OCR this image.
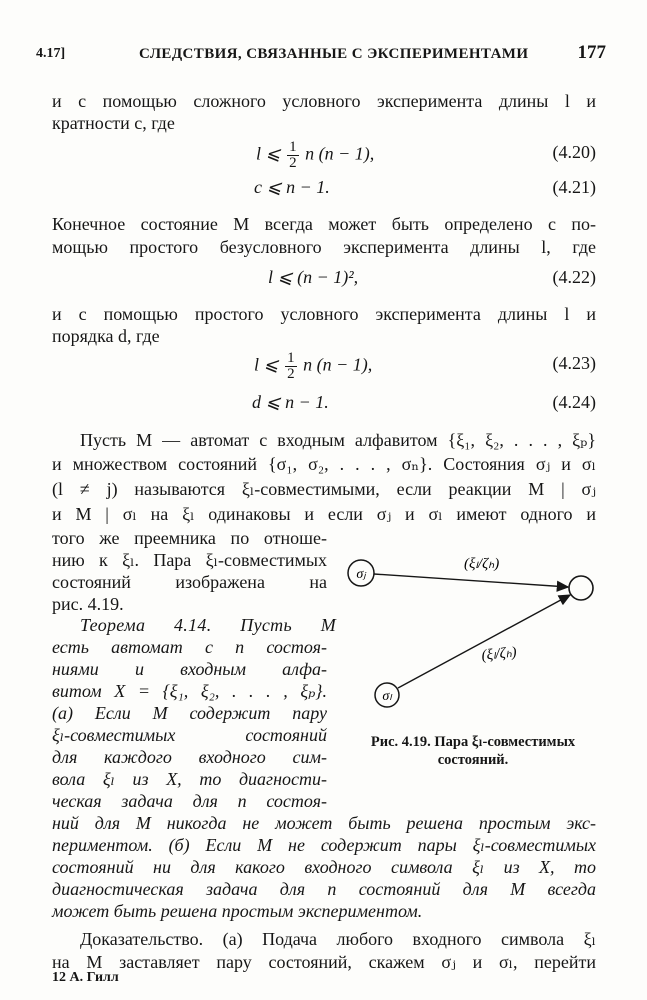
4.17]	СЛЕДСТВИЯ, СВЯЗАННЫЕ С ЭКСПЕРИМЕНТАМИ	177
и с помощью сложного условного эксперимента длины l и
кратности c, где
l ⩽ $\frac{1}{2}$ n (n − 1),	(4.20)
c ⩽ n − 1.	(4.21)
Конечное состояние M всегда может быть определено с по-
мощью простого безусловного эксперимента длины l, где
l ⩽ (n − 1)²,	(4.22)
и с помощью простого условного эксперимента длины l и
порядка d, где
l ⩽ $\frac{1}{2}$ n (n − 1),	(4.23)
d ⩽ n − 1.	(4.24)
Пусть M — автомат с входным алфавитом {ξ₁, ξ₂, . . . , ξₚ}
и множеством состояний {σ₁, σ₂, . . . , σₙ}. Состояния σⱼ и σₗ
(l ≠ j) называются ξₗ-совместимыми, если реакции M | σⱼ
и M | σₗ на ξₗ одинаковы и если σⱼ и σₗ имеют одного и
того же преемника по отноше-
нию к ξₗ. Пара ξₗ-совместимых
состояний изображена на
рис. 4.19.
Теорема 4.14. Пусть M
есть автомат с n состоя-
ниями и входным алфа-
витом X = {ξ₁, ξ₂, . . . , ξₚ}.
(а) Если M содержит пару
ξₗ-совместимых состояний
для каждого входного сим-
вола ξₗ из X, то диагности-
ческая задача для n состоя-
σⱼ
σₗ
(ξₗ/ζₕ)
(ξₗ/ζₕ)
Рис. 4.19. Пара ξₗ-совместимых
состояний.
ний для M никогда не может быть решена простым экс-
периментом. (б) Если M не содержит пары ξₗ-совместимых
состояний ни для какого входного символа ξₗ из X, то
диагностическая задача для n состояний для M всегда
может быть решена простым экспериментом.
Доказательство. (а) Подача любого входного символа ξₗ
на M заставляет пару состояний, скажем σⱼ и σₗ, перейти
12 А. Гилл
